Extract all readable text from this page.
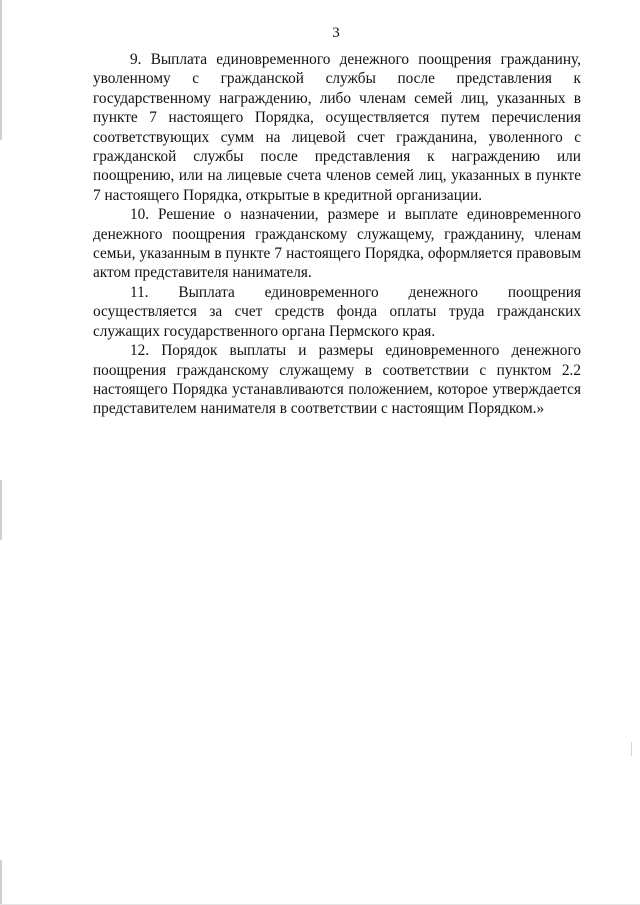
3

9. Выплата единовременного денежного поощрения гражданину, уволенному с гражданской службы после представления к государственному награждению, либо членам семей лиц, указанных в пункте 7 настоящего Порядка, осуществляется путем перечисления соответствующих сумм на лицевой счет гражданина, уволенного с гражданской службы после представления к награждению или поощрению, или на лицевые счета членов семей лиц, указанных в пункте 7 настоящего Порядка, открытые в кредитной организации.

10. Решение о назначении, размере и выплате единовременного денежного поощрения гражданскому служащему, гражданину, членам семьи, указанным в пункте 7 настоящего Порядка, оформляется правовым актом представителя нанимателя.

11. Выплата единовременного денежного поощрения осуществляется за счет средств фонда оплаты труда гражданских служащих государственного органа Пермского края.

12. Порядок выплаты и размеры единовременного денежного поощрения гражданскому служащему в соответствии с пунктом 2.2 настоящего Порядка устанавливаются положением, которое утверждается представителем нанимателя в соответствии с настоящим Порядком.»
